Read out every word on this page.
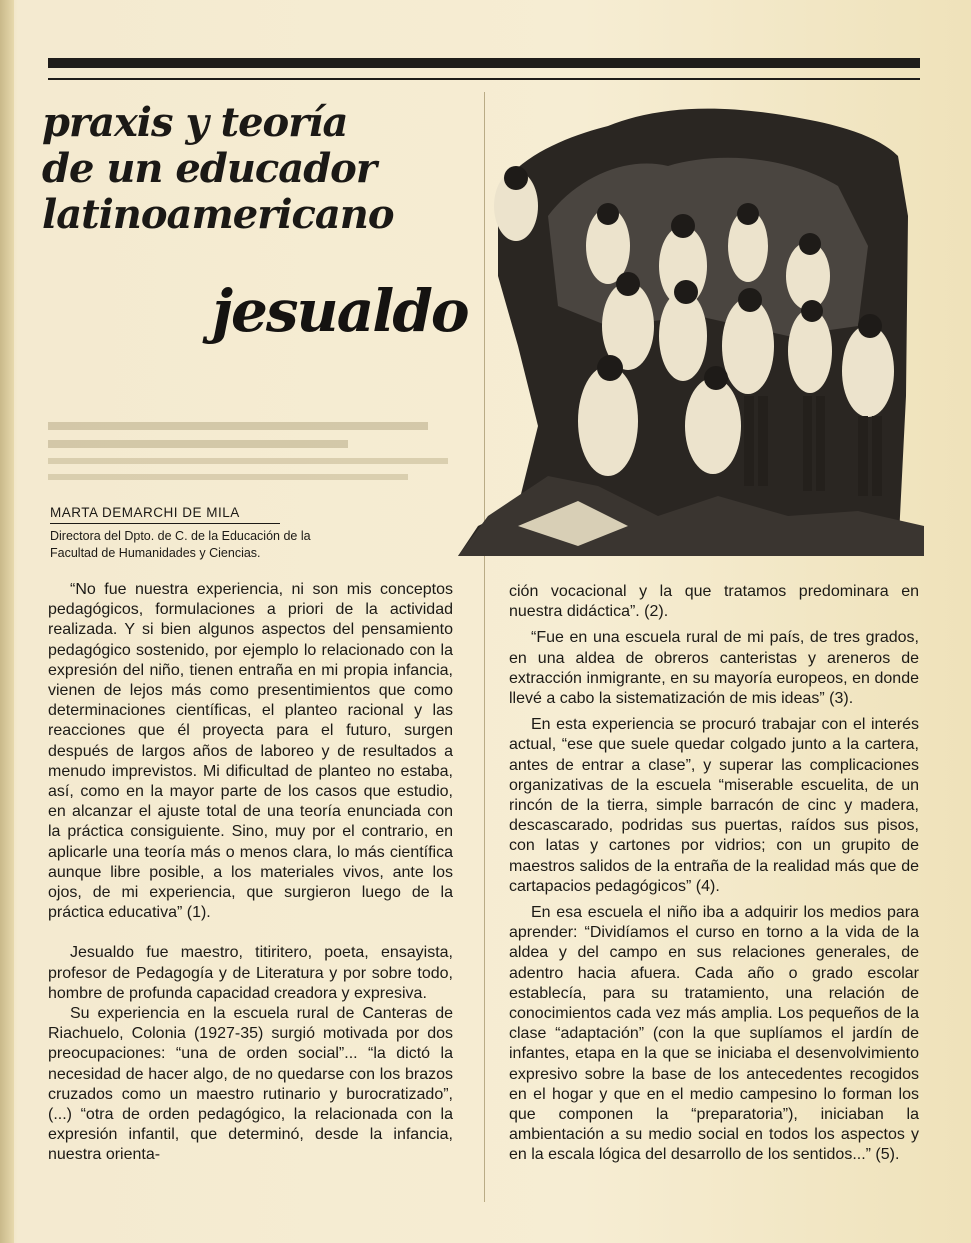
praxis y teoría
de un educador
latinoamericano
jesualdo
MARTA DEMARCHI DE MILA
Directora del Dpto. de C. de la Educación de la
Facultad de Humanidades y Ciencias.

“No fue nuestra experiencia, ni son mis conceptos pedagógicos, formulaciones a priori de la actividad realizada. Y si bien algunos aspectos del pensamiento pedagógico sostenido, por ejemplo lo relacionado con la expresión del niño, tienen entraña en mi propia infancia, vienen de lejos más como presentimientos que como determinaciones científicas, el planteo racional y las reacciones que él proyecta para el futuro, surgen después de largos años de laboreo y de resultados a menudo imprevistos. Mi dificultad de planteo no estaba, así, como en la mayor parte de los casos que estudio, en alcanzar el ajuste total de una teoría enunciada con la práctica consiguiente. Sino, muy por el contrario, en aplicarle una teoría más o menos clara, lo más científica aunque libre posible, a los materiales vivos, ante los ojos, de mi experiencia, que surgieron luego de la práctica educativa” (1).

Jesualdo fue maestro, titiritero, poeta, ensayista, profesor de Pedagogía y de Literatura y por sobre todo, hombre de profunda capacidad creadora y expresiva.

Su experiencia en la escuela rural de Canteras de Riachuelo, Colonia (1927-35) surgió motivada por dos preocupaciones: “una de orden social”... “la dictó la necesidad de hacer algo, de no quedarse con los brazos cruzados como un maestro rutinario y burocratizado”, (...) “otra de orden pedagógico, la relacionada con la expresión infantil, que determinó, desde la infancia, nuestra orienta-

ción vocacional y la que tratamos predominara en nuestra didáctica”. (2).

“Fue en una escuela rural de mi país, de tres grados, en una aldea de obreros canteristas y areneros de extracción inmigrante, en su mayoría europeos, en donde llevé a cabo la sistematización de mis ideas” (3).

En esta experiencia se procuró trabajar con el interés actual, “ese que suele quedar colgado junto a la cartera, antes de entrar a clase”, y superar las complicaciones organizativas de la escuela “miserable escuelita, de un rincón de la tierra, simple barracón de cinc y madera, descascarado, podridas sus puertas, raídos sus pisos, con latas y cartones por vidrios; con un grupito de maestros salidos de la entraña de la realidad más que de cartapacios pedagógicos” (4).

En esa escuela el niño iba a adquirir los medios para aprender: “Dividíamos el curso en torno a la vida de la aldea y del campo en sus relaciones generales, de adentro hacia afuera. Cada año o grado escolar establecía, para su tratamiento, una relación de conocimientos cada vez más amplia. Los pequeños de la clase “adaptación” (con la que suplíamos el jardín de infantes, etapa en la que se iniciaba el desenvolvimiento expresivo sobre la base de los antecedentes recogidos en el hogar y que en el medio campesino lo forman los que componen la “preparatoria”), iniciaban la ambientación a su medio social en todos los aspectos y en la escala lógica del desarrollo de los sentidos...” (5).
